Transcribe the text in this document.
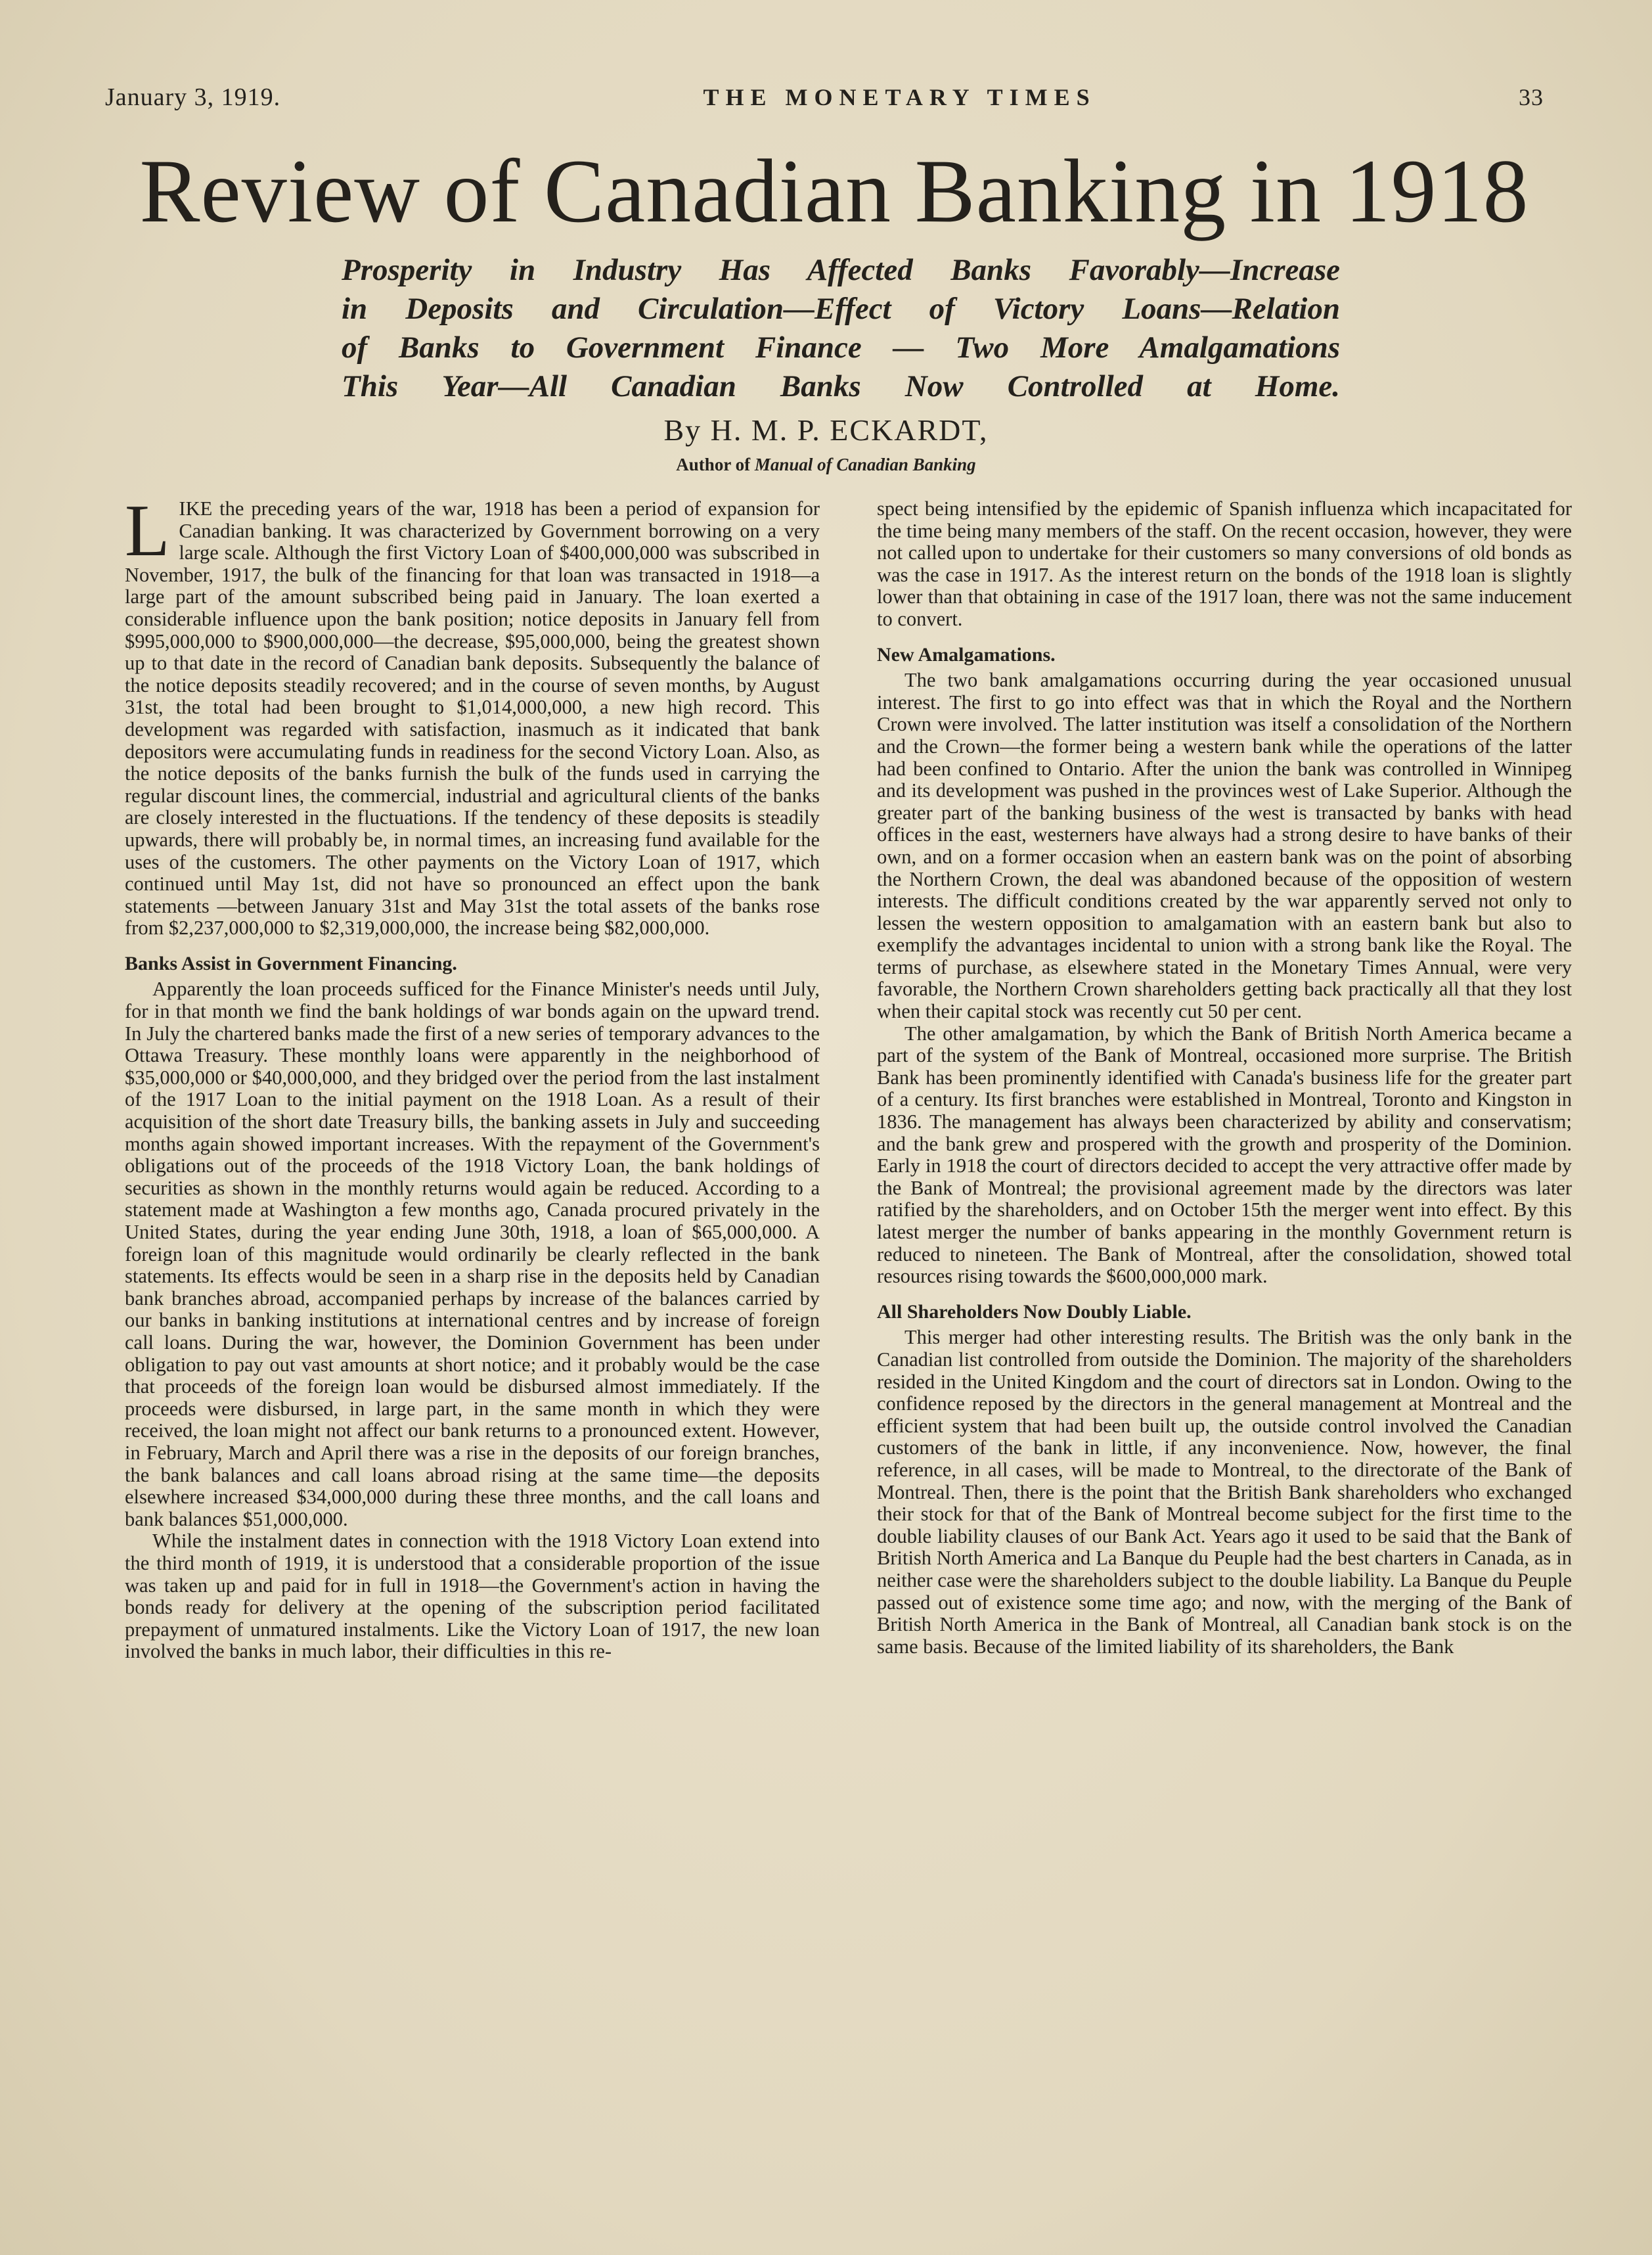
January 3, 1919.	THE MONETARY TIMES	33
Review of Canadian Banking in 1918
Prosperity in Industry Has Affected Banks Favorably—Increase
in Deposits and Circulation—Effect of Victory Loans—Relation
of Banks to Government Finance — Two More Amalgamations
This Year—All Canadian Banks Now Controlled at Home.
By H. M. P. ECKARDT,
Author of Manual of Canadian Banking

LIKE the preceding years of the war, 1918 has been a period of expansion for Canadian banking. It was characterized by Government borrowing on a very large scale. Although the first Victory Loan of $400,000,000 was subscribed in November, 1917, the bulk of the financing for that loan was transacted in 1918—a large part of the amount subscribed being paid in January. The loan exerted a considerable influence upon the bank position; notice deposits in January fell from $995,000,000 to $900,000,000—the decrease, $95,000,000, being the greatest shown up to that date in the record of Canadian bank deposits. Subsequently the balance of the notice deposits steadily recovered; and in the course of seven months, by August 31st, the total had been brought to $1,014,000,000, a new high record. This development was regarded with satisfaction, inasmuch as it indicated that bank depositors were accumulating funds in readiness for the second Victory Loan. Also, as the notice deposits of the banks furnish the bulk of the funds used in carrying the regular discount lines, the commercial, industrial and agricultural clients of the banks are closely interested in the fluctuations. If the tendency of these deposits is steadily upwards, there will probably be, in normal times, an increasing fund available for the uses of the customers. The other payments on the Victory Loan of 1917, which continued until May 1st, did not have so pronounced an effect upon the bank statements —between January 31st and May 31st the total assets of the banks rose from $2,237,000,000 to $2,319,000,000, the increase being $82,000,000.

Banks Assist in Government Financing.

Apparently the loan proceeds sufficed for the Finance Minister's needs until July, for in that month we find the bank holdings of war bonds again on the upward trend. In July the chartered banks made the first of a new series of temporary advances to the Ottawa Treasury. These monthly loans were apparently in the neighborhood of $35,000,000 or $40,000,000, and they bridged over the period from the last instalment of the 1917 Loan to the initial payment on the 1918 Loan. As a result of their acquisition of the short date Treasury bills, the banking assets in July and succeeding months again showed important increases. With the repayment of the Government's obligations out of the proceeds of the 1918 Victory Loan, the bank holdings of securities as shown in the monthly returns would again be reduced. According to a statement made at Washington a few months ago, Canada procured privately in the United States, during the year ending June 30th, 1918, a loan of $65,000,000. A foreign loan of this magnitude would ordinarily be clearly reflected in the bank statements. Its effects would be seen in a sharp rise in the deposits held by Canadian bank branches abroad, accompanied perhaps by increase of the balances carried by our banks in banking institutions at international centres and by increase of foreign call loans. During the war, however, the Dominion Government has been under obligation to pay out vast amounts at short notice; and it probably would be the case that proceeds of the foreign loan would be disbursed almost immediately. If the proceeds were disbursed, in large part, in the same month in which they were received, the loan might not affect our bank returns to a pronounced extent. However, in February, March and April there was a rise in the deposits of our foreign branches, the bank balances and call loans abroad rising at the same time—the deposits elsewhere increased $34,000,000 during these three months, and the call loans and bank balances $51,000,000.

While the instalment dates in connection with the 1918 Victory Loan extend into the third month of 1919, it is understood that a considerable proportion of the issue was taken up and paid for in full in 1918—the Government's action in having the bonds ready for delivery at the opening of the subscription period facilitated prepayment of unmatured instalments. Like the Victory Loan of 1917, the new loan involved the banks in much labor, their difficulties in this re-

spect being intensified by the epidemic of Spanish influenza which incapacitated for the time being many members of the staff. On the recent occasion, however, they were not called upon to undertake for their customers so many conversions of old bonds as was the case in 1917. As the interest return on the bonds of the 1918 loan is slightly lower than that obtaining in case of the 1917 loan, there was not the same inducement to convert.

New Amalgamations.

The two bank amalgamations occurring during the year occasioned unusual interest. The first to go into effect was that in which the Royal and the Northern Crown were involved. The latter institution was itself a consolidation of the Northern and the Crown—the former being a western bank while the operations of the latter had been confined to Ontario. After the union the bank was controlled in Winnipeg and its development was pushed in the provinces west of Lake Superior. Although the greater part of the banking business of the west is transacted by banks with head offices in the east, westerners have always had a strong desire to have banks of their own, and on a former occasion when an eastern bank was on the point of absorbing the Northern Crown, the deal was abandoned because of the opposition of western interests. The difficult conditions created by the war apparently served not only to lessen the western opposition to amalgamation with an eastern bank but also to exemplify the advantages incidental to union with a strong bank like the Royal. The terms of purchase, as elsewhere stated in the Monetary Times Annual, were very favorable, the Northern Crown shareholders getting back practically all that they lost when their capital stock was recently cut 50 per cent.

The other amalgamation, by which the Bank of British North America became a part of the system of the Bank of Montreal, occasioned more surprise. The British Bank has been prominently identified with Canada's business life for the greater part of a century. Its first branches were established in Montreal, Toronto and Kingston in 1836. The management has always been characterized by ability and conservatism; and the bank grew and prospered with the growth and prosperity of the Dominion. Early in 1918 the court of directors decided to accept the very attractive offer made by the Bank of Montreal; the provisional agreement made by the directors was later ratified by the shareholders, and on October 15th the merger went into effect. By this latest merger the number of banks appearing in the monthly Government return is reduced to nineteen. The Bank of Montreal, after the consolidation, showed total resources rising towards the $600,000,000 mark.

All Shareholders Now Doubly Liable.

This merger had other interesting results. The British was the only bank in the Canadian list controlled from outside the Dominion. The majority of the shareholders resided in the United Kingdom and the court of directors sat in London. Owing to the confidence reposed by the directors in the general management at Montreal and the efficient system that had been built up, the outside control involved the Canadian customers of the bank in little, if any inconvenience. Now, however, the final reference, in all cases, will be made to Montreal, to the directorate of the Bank of Montreal. Then, there is the point that the British Bank shareholders who exchanged their stock for that of the Bank of Montreal become subject for the first time to the double liability clauses of our Bank Act. Years ago it used to be said that the Bank of British North America and La Banque du Peuple had the best charters in Canada, as in neither case were the shareholders subject to the double liability. La Banque du Peuple passed out of existence some time ago; and now, with the merging of the Bank of British North America in the Bank of Montreal, all Canadian bank stock is on the same basis. Because of the limited liability of its shareholders, the Bank
